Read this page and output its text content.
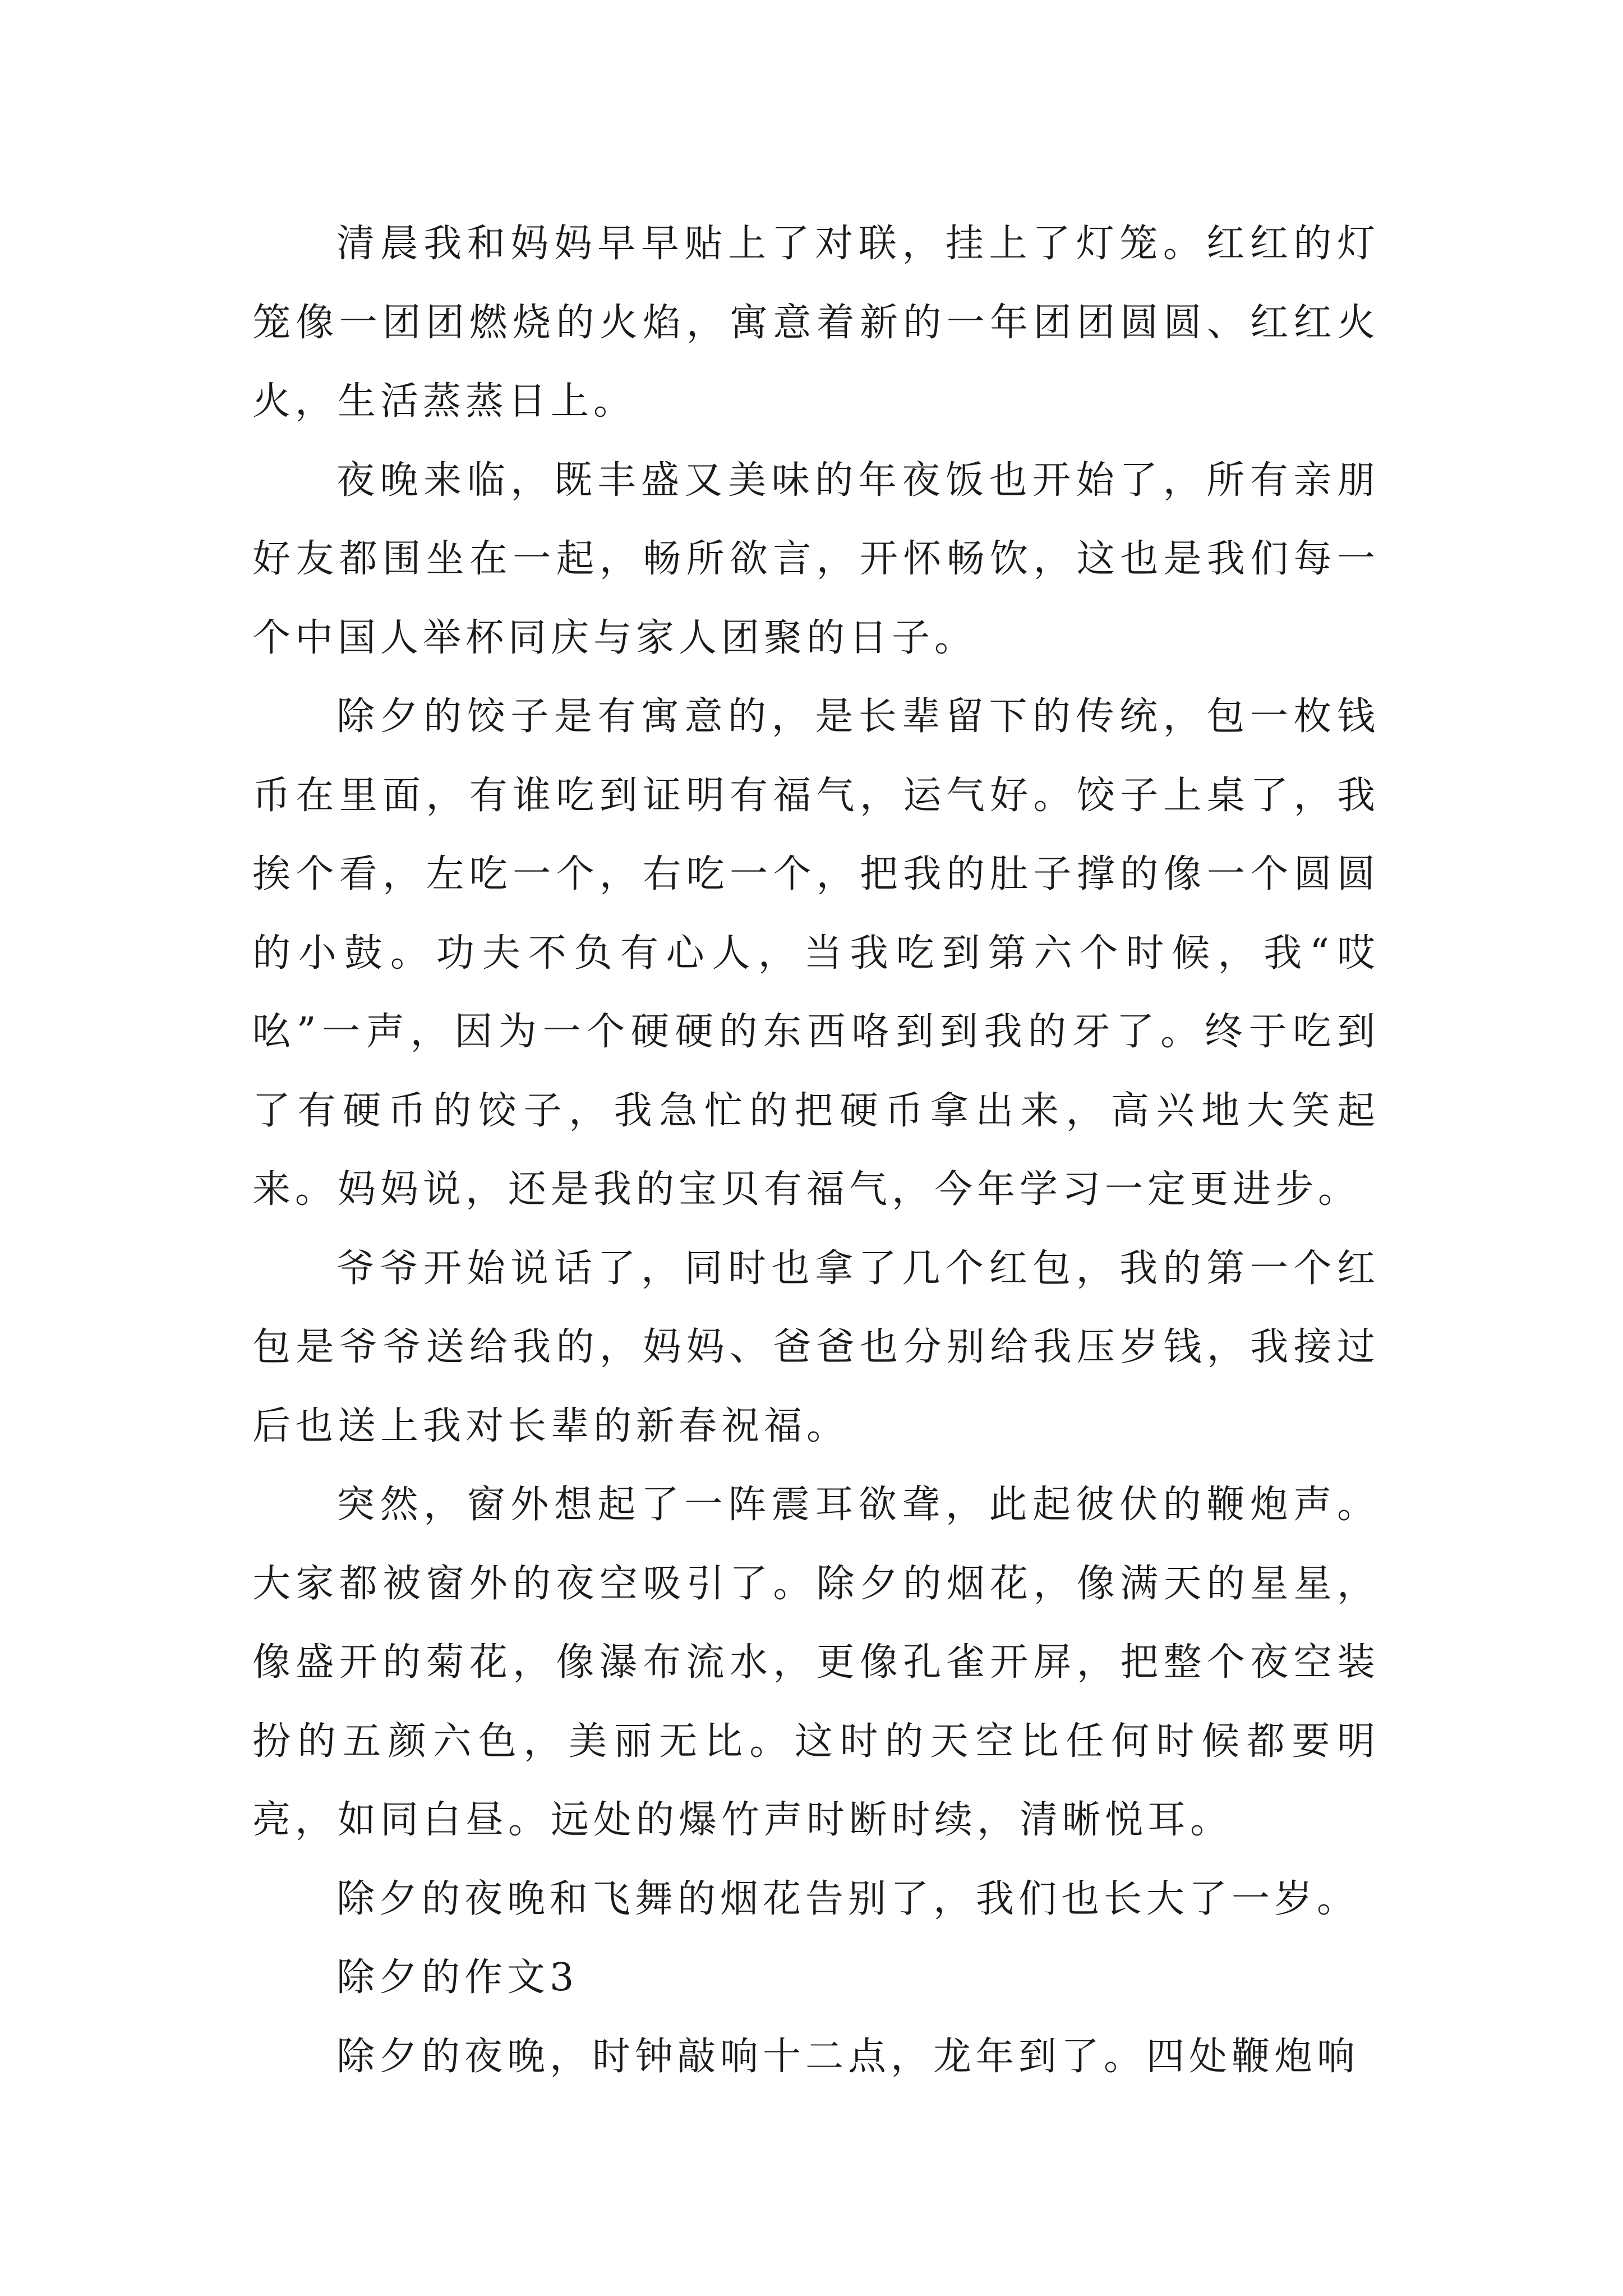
清晨我和妈妈早早贴上了对联，挂上了灯笼。红红的灯笼像一团团燃烧的火焰，寓意着新的一年团团圆圆、红红火火，生活蒸蒸日上。

夜晚来临，既丰盛又美味的年夜饭也开始了，所有亲朋好友都围坐在一起，畅所欲言，开怀畅饮，这也是我们每一个中国人举杯同庆与家人团聚的日子。

除夕的饺子是有寓意的，是长辈留下的传统，包一枚钱币在里面，有谁吃到证明有福气，运气好。饺子上桌了，我挨个看，左吃一个，右吃一个，把我的肚子撑的像一个圆圆的小鼓。功夫不负有心人，当我吃到第六个时候，我“哎吆”一声，因为一个硬硬的东西咯到到我的牙了。终于吃到了有硬币的饺子，我急忙的把硬币拿出来，高兴地大笑起来。妈妈说，还是我的宝贝有福气，今年学习一定更进步。

爷爷开始说话了，同时也拿了几个红包，我的第一个红包是爷爷送给我的，妈妈、爸爸也分别给我压岁钱，我接过后也送上我对长辈的新春祝福。

突然，窗外想起了一阵震耳欲聋，此起彼伏的鞭炮声。大家都被窗外的夜空吸引了。除夕的烟花，像满天的星星，像盛开的菊花，像瀑布流水，更像孔雀开屏，把整个夜空装扮的五颜六色，美丽无比。这时的天空比任何时候都要明亮，如同白昼。远处的爆竹声时断时续，清晰悦耳。

除夕的夜晚和飞舞的烟花告别了，我们也长大了一岁。

除夕的作文3

除夕的夜晚，时钟敲响十二点，龙年到了。四处鞭炮响
